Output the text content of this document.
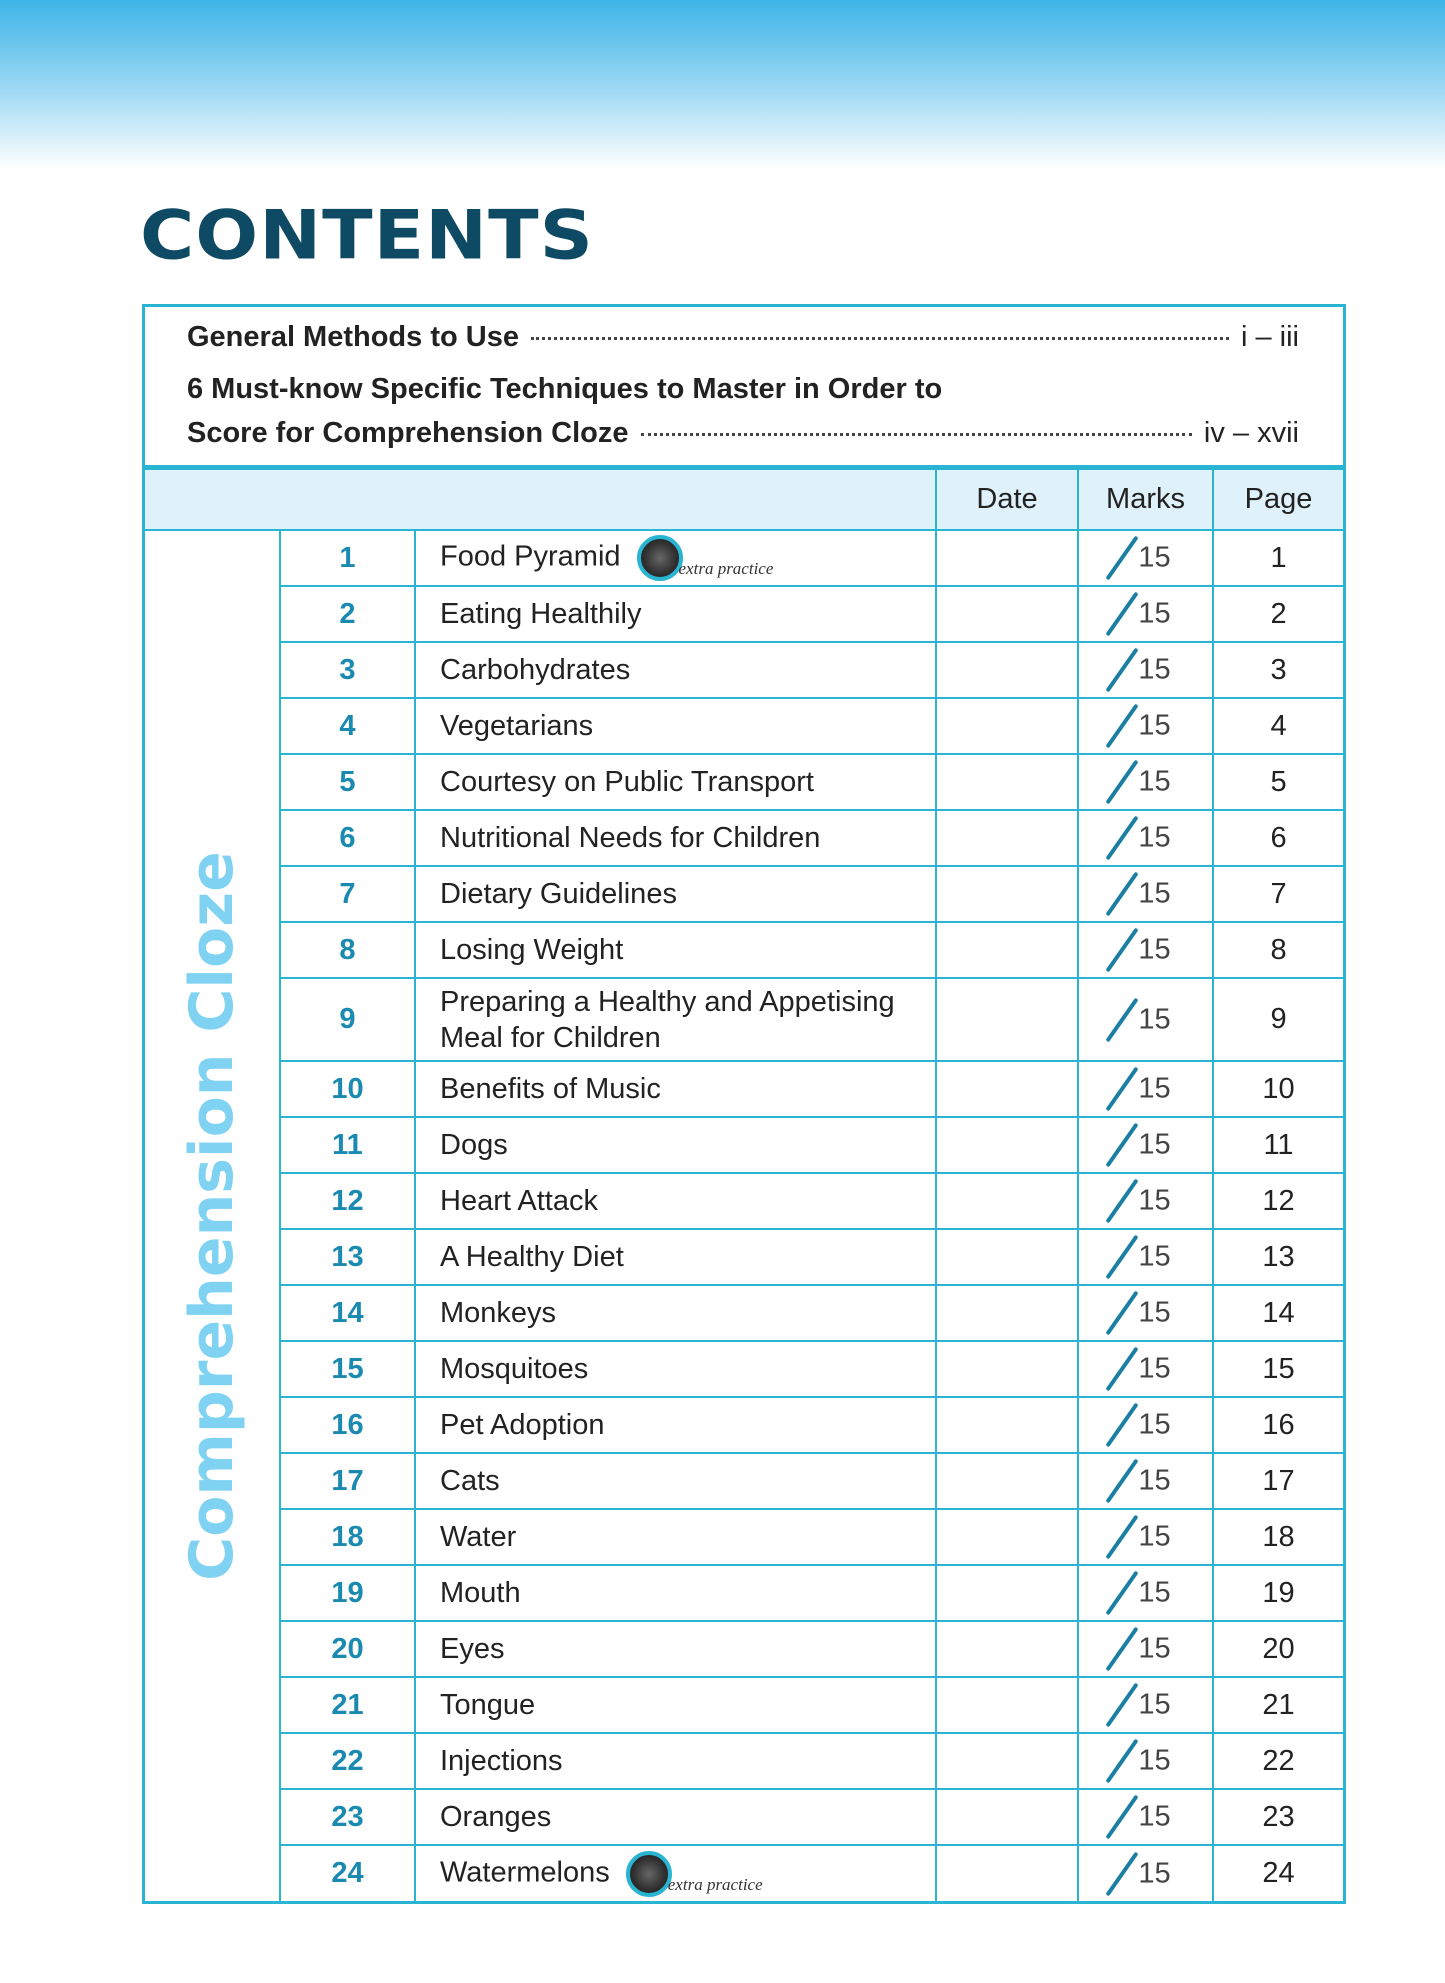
CONTENTS
General Methods to Use	i – iii
6 Must-know Specific Techniques to Master in Order to
Score for Comprehension Cloze	iv – xvii
			Date	Marks	Page

Comprehension Cloze	1	Food Pyramid extra practice		15	1
	2	Eating Healthily		15	2
	3	Carbohydrates		15	3
	4	Vegetarians		15	4
	5	Courtesy on Public Transport		15	5
	6	Nutritional Needs for Children		15	6
	7	Dietary Guidelines		15	7
	8	Losing Weight		15	8
	9	Preparing a Healthy and Appetising Meal for Children		15	9
	10	Benefits of Music		15	10
	11	Dogs		15	11
	12	Heart Attack		15	12
	13	A Healthy Diet		15	13
	14	Monkeys		15	14
	15	Mosquitoes		15	15
	16	Pet Adoption		15	16
	17	Cats		15	17
	18	Water		15	18
	19	Mouth		15	19
	20	Eyes		15	20
	21	Tongue		15	21
	22	Injections		15	22
	23	Oranges		15	23
	24	Watermelons extra practice		15	24
